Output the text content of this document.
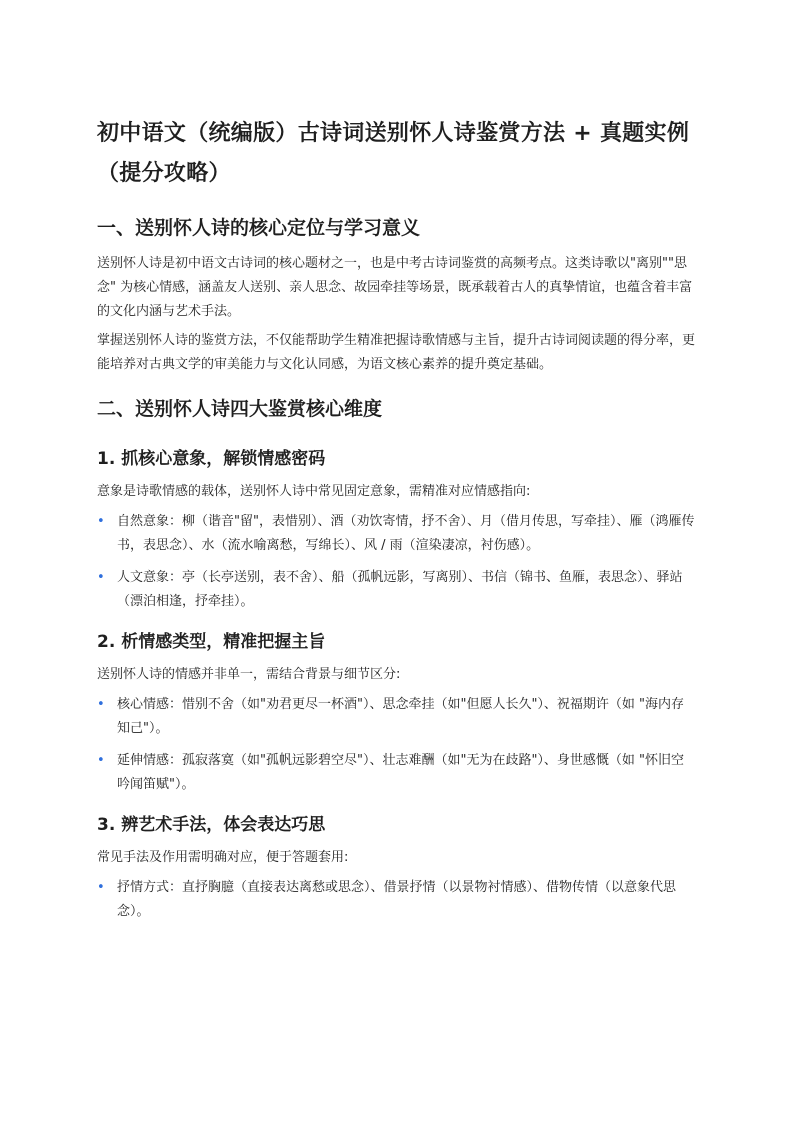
初中语文（统编版）古诗词送别怀人诗鉴赏方法 + 真题实例（提分攻略）
一、送别怀人诗的核心定位与学习意义

送别怀人诗是初中语文古诗词的核心题材之一，也是中考古诗词鉴赏的高频考点。这类诗歌以"离别""思念" 为核心情感，涵盖友人送别、亲人思念、故园牵挂等场景，既承载着古人的真挚情谊，也蕴含着丰富的文化内涵与艺术手法。

掌握送别怀人诗的鉴赏方法，不仅能帮助学生精准把握诗歌情感与主旨，提升古诗词阅读题的得分率，更能培养对古典文学的审美能力与文化认同感，为语文核心素养的提升奠定基础。

二、送别怀人诗四大鉴赏核心维度
1. 抓核心意象，解锁情感密码

意象是诗歌情感的载体，送别怀人诗中常见固定意象，需精准对应情感指向:

• 自然意象：柳（谐音"留"，表惜别）、酒（劝饮寄情，抒不舍）、月（借月传思，写牵挂）、雁（鸿雁传书，表思念）、水（流水喻离愁，写绵长）、风 / 雨（渲染凄凉，衬伤感）。
• 人文意象：亭（长亭送别，表不舍）、船（孤帆远影，写离别）、书信（锦书、鱼雁，表思念）、驿站（漂泊相逢，抒牵挂）。
2. 析情感类型，精准把握主旨

送别怀人诗的情感并非单一，需结合背景与细节区分:

• 核心情感：惜别不舍（如"劝君更尽一杯酒"）、思念牵挂（如"但愿人长久"）、祝福期许（如 "海内存知己"）。
• 延伸情感：孤寂落寞（如"孤帆远影碧空尽"）、壮志难酬（如"无为在歧路"）、身世感慨（如 "怀旧空吟闻笛赋"）。
3. 辨艺术手法，体会表达巧思

常见手法及作用需明确对应，便于答题套用:

• 抒情方式：直抒胸臆（直接表达离愁或思念）、借景抒情（以景物衬情感）、借物传情（以意象代思念）。
